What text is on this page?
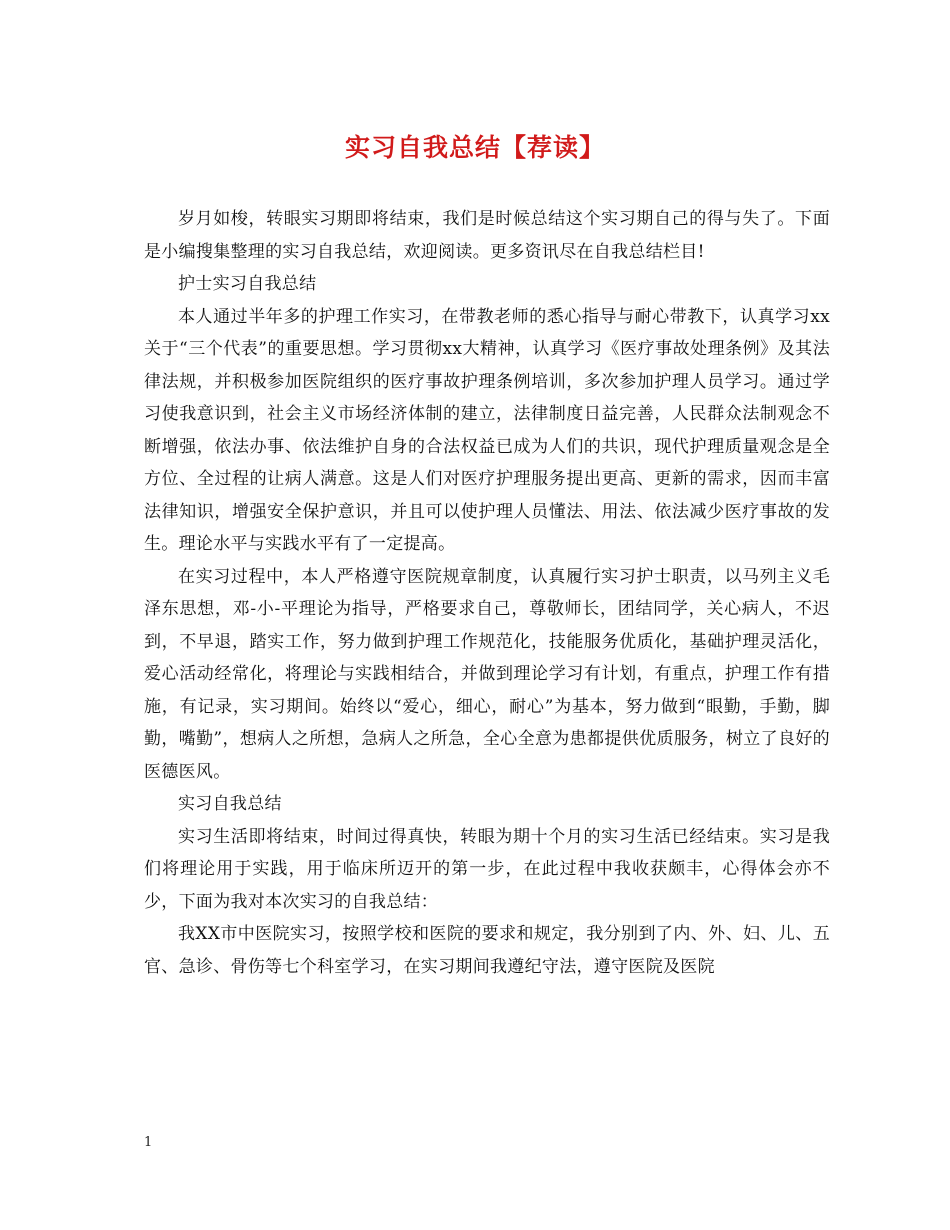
实习自我总结【荐读】

岁月如梭，转眼实习期即将结束，我们是时候总结这个实习期自己的得与失了。下面是小编搜集整理的实习自我总结，欢迎阅读。更多资讯尽在自我总结栏目!

护士实习自我总结

本人通过半年多的护理工作实习，在带教老师的悉心指导与耐心带教下，认真学习xx关于“三个代表”的重要思想。学习贯彻xx大精神，认真学习《医疗事故处理条例》及其法律法规，并积极参加医院组织的医疗事故护理条例培训，多次参加护理人员学习。通过学习使我意识到，社会主义市场经济体制的建立，法律制度日益完善，人民群众法制观念不断增强，依法办事、依法维护自身的合法权益已成为人们的共识，现代护理质量观念是全方位、全过程的让病人满意。这是人们对医疗护理服务提出更高、更新的需求，因而丰富法律知识，增强安全保护意识，并且可以使护理人员懂法、用法、依法减少医疗事故的发生。理论水平与实践水平有了一定提高。

在实习过程中，本人严格遵守医院规章制度，认真履行实习护士职责，以马列主义毛泽东思想，邓-小-平理论为指导，严格要求自己，尊敬师长，团结同学，关心病人，不迟到，不早退，踏实工作，努力做到护理工作规范化，技能服务优质化，基础护理灵活化，爱心活动经常化，将理论与实践相结合，并做到理论学习有计划，有重点，护理工作有措施，有记录，实习期间。始终以“爱心，细心，耐心”为基本，努力做到“眼勤，手勤，脚勤，嘴勤”，想病人之所想，急病人之所急，全心全意为患都提供优质服务，树立了良好的医德医风。

实习自我总结

实习生活即将结束，时间过得真快，转眼为期十个月的实习生活已经结束。实习是我们将理论用于实践，用于临床所迈开的第一步，在此过程中我收获颇丰，心得体会亦不少，下面为我对本次实习的自我总结：

我XX市中医院实习，按照学校和医院的要求和规定，我分别到了内、外、妇、儿、五官、急诊、骨伤等七个科室学习，在实习期间我遵纪守法，遵守医院及医院

1
